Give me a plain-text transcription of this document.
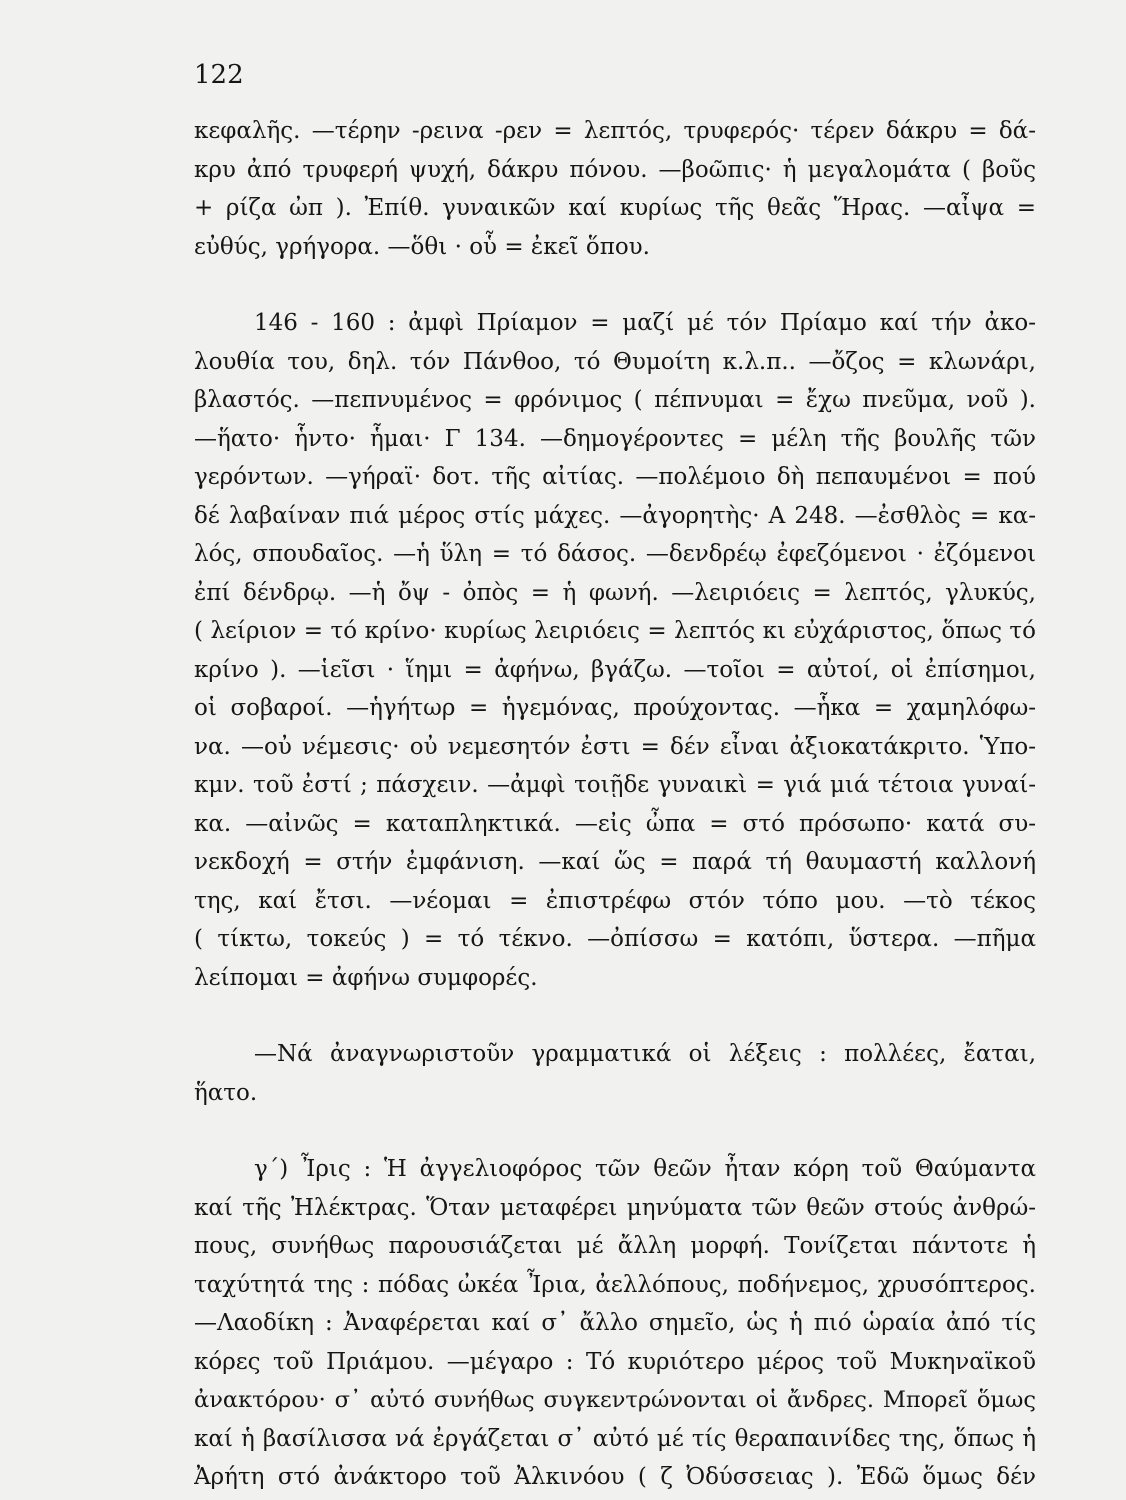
122
κεφαλῆς. —τέρην -ρεινα -ρεν = λεπτός, τρυφερός· τέρεν δάκρυ = δά-
κρυ ἀπό τρυφερή ψυχή, δάκρυ πόνου. —βοῶπις· ἡ μεγαλομάτα ( βοῦς
+ ρίζα ὠπ ). Ἐπίθ. γυναικῶν καί κυρίως τῆς θεᾶς Ἥρας. —αἶψα =
εὐθύς, γρήγορα. —ὅθι · οὗ = ἐκεῖ ὅπου.
146 - 160 : ἀμφὶ Πρίαμον = μαζί μέ τόν Πρίαμο καί τήν ἀκο-
λουθία του, δηλ. τόν Πάνθοο, τό Θυμοίτη κ.λ.π.. —ὄζος = κλωνάρι,
βλαστός. —πεπνυμένος = φρόνιμος ( πέπνυμαι = ἔχω πνεῦμα, νοῦ ).
—ἥατο· ἧντο· ἧμαι· Γ 134. —δημογέροντες = μέλη τῆς βουλῆς τῶν
γερόντων. —γήραϊ· δοτ. τῆς αἰτίας. —πολέμοιο δὴ πεπαυμένοι = πού
δέ λαβαίναν πιά μέρος στίς μάχες. —ἀγορητὴς· Α 248. —ἐσθλὸς = κα-
λός, σπουδαῖος. —ἡ ὕλη = τό δάσος. —δενδρέῳ ἐφεζόμενοι · ἐζόμενοι
ἐπί δένδρῳ. —ἡ ὄψ - ὀπὸς = ἡ φωνή. —λειριόεις = λεπτός, γλυκύς,
( λείριον = τό κρίνο· κυρίως λειριόεις = λεπτός κι εὐχάριστος, ὅπως τό
κρίνο ). —ἱεῖσι · ἵημι = ἀφήνω, βγάζω. —τοῖοι = αὐτοί, οἱ ἐπίσημοι,
οἱ σοβαροί. —ἡγήτωρ = ἡγεμόνας, προύχοντας. —ἧκα = χαμηλόφω-
να. —οὐ νέμεσις· οὐ νεμεσητόν ἐστι = δέν εἶναι ἀξιοκατάκριτο. Ὑπο-
κμν. τοῦ ἐστί ; πάσχειν. —ἀμφὶ τοιῇδε γυναικὶ = γιά μιά τέτοια γυναί-
κα. —αἰνῶς = καταπληκτικά. —εἰς ὦπα = στό πρόσωπο· κατά συ-
νεκδοχή = στήν ἐμφάνιση. —καί ὥς = παρά τή θαυμαστή καλλονή
της, καί ἔτσι. —νέομαι = ἐπιστρέφω στόν τόπο μου. —τὸ τέκος
( τίκτω, τοκεύς ) = τό τέκνο. —ὀπίσσω = κατόπι, ὕστερα. —πῆμα
λείπομαι = ἀφήνω συμφορές.
—Νά ἀναγνωριστοῦν γραμματικά οἱ λέξεις : πολλέες, ἔαται,
ἥατο.
γ΄) Ἶρις : Ἡ ἀγγελιοφόρος τῶν θεῶν ἦταν κόρη τοῦ Θαύμαντα
καί τῆς Ἠλέκτρας. Ὅταν μεταφέρει μηνύματα τῶν θεῶν στούς ἀνθρώ-
πους, συνήθως παρουσιάζεται μέ ἄλλη μορφή. Τονίζεται πάντοτε ἡ
ταχύτητά της : πόδας ὠκέα Ἶρια, ἀελλόπους, ποδήνεμος, χρυσόπτερος.
—Λαοδίκη : Ἀναφέρεται καί σ᾽ ἄλλο σημεῖο, ὡς ἡ πιό ὡραία ἀπό τίς
κόρες τοῦ Πριάμου. —μέγαρο : Τό κυριότερο μέρος τοῦ Μυκηναϊκοῦ
ἀνακτόρου· σ᾽ αὐτό συνήθως συγκεντρώνονται οἱ ἄνδρες. Μπορεῖ ὅμως
καί ἡ βασίλισσα νά ἐργάζεται σ᾽ αὐτό μέ τίς θεραπαινίδες της, ὅπως ἡ
Ἀρήτη στό ἀνάκτορο τοῦ Ἀλκινόου ( ζ Ὀδύσσειας ). Ἐδῶ ὅμως δέν
